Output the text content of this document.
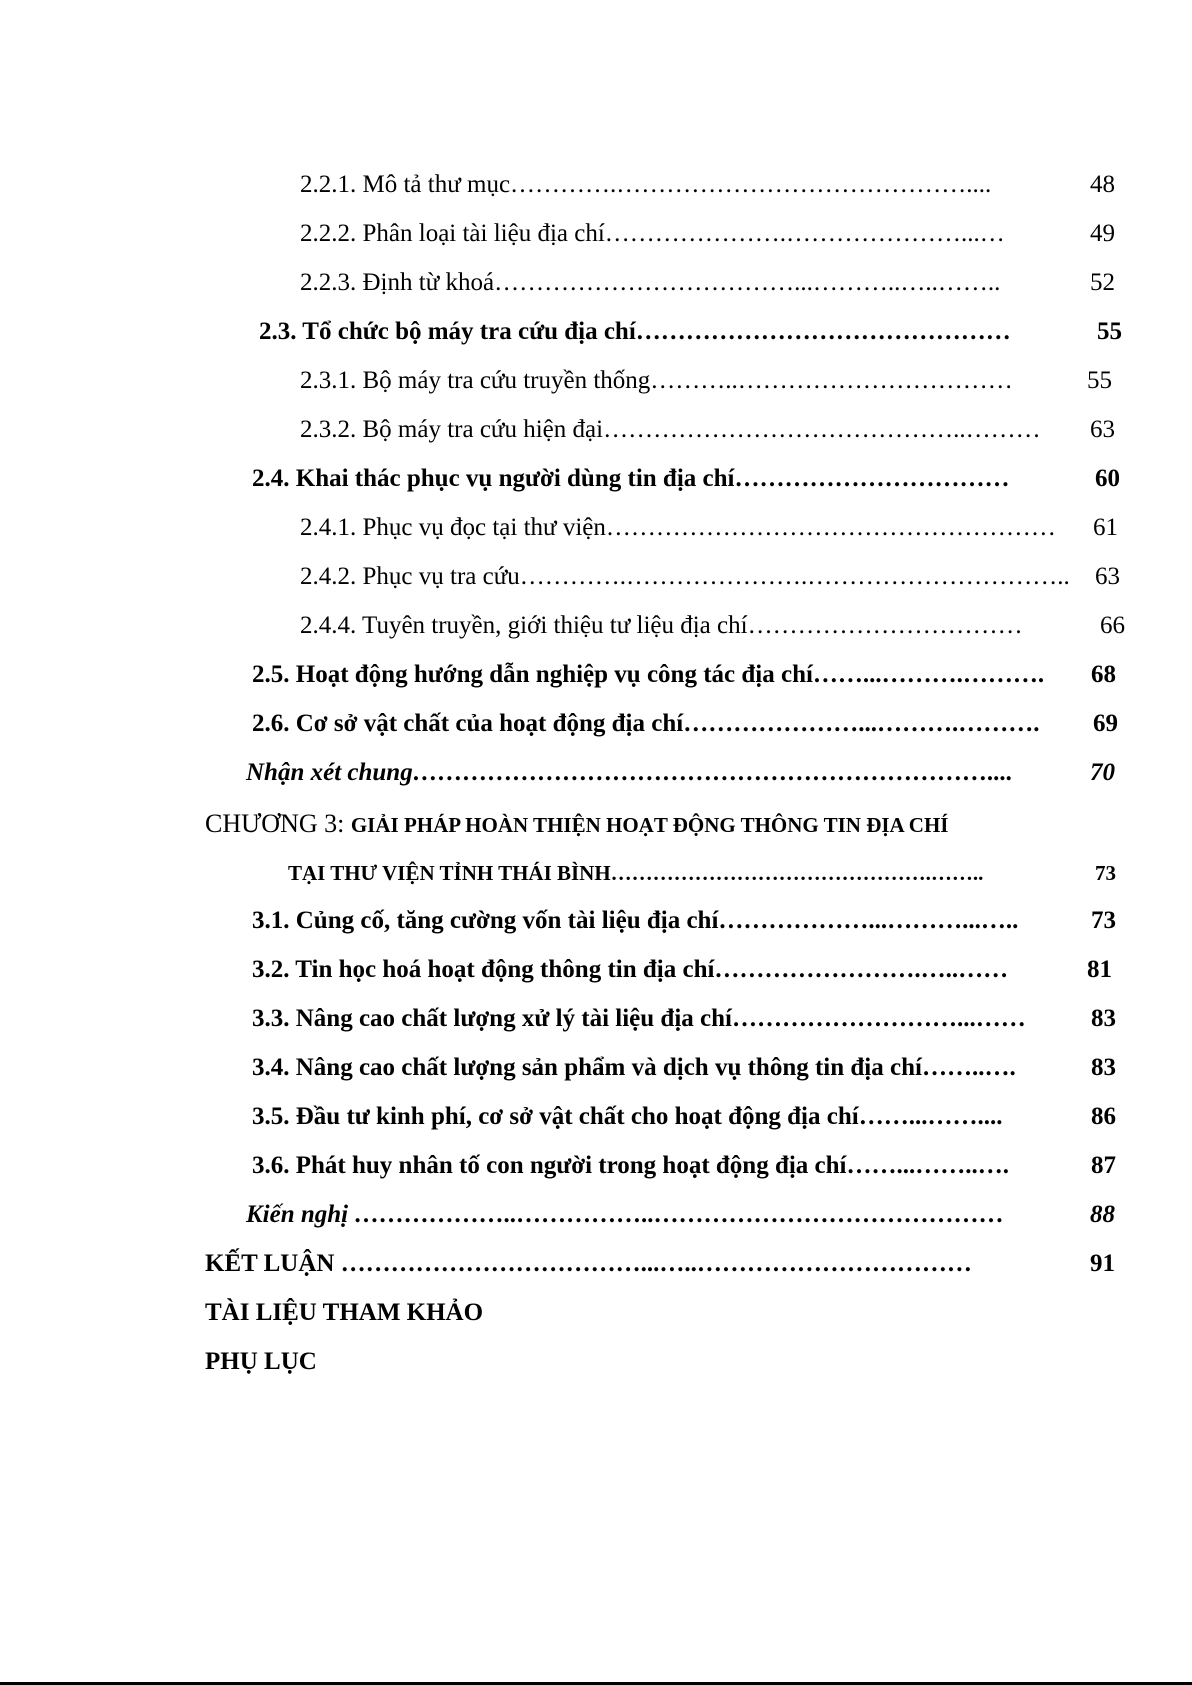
2.2.1. Mô tả thư mục………….……………………………………....	48
2.2.2. Phân loại tài liệu địa chí………………….…………………...…	49
2.2.3. Định từ khoá………………………………...………..…..……..	52
2.3. Tổ chức bộ máy tra cứu địa chí………………………………………	55
2.3.1. Bộ máy tra cứu truyền thống………..……………………………	55
2.3.2. Bộ máy tra cứu hiện đại……………………………………..……… 63
2.4. Khai thác phục vụ người dùng tin địa chí……………………………	60
2.4.1. Phục vụ đọc tại thư viện……………………………………………… 61
2.4.2. Phục vụ tra cứu………….………………….………………………….. 63
2.4.4. Tuyên truyền, giới thiệu tư liệu địa chí……………………………	66
2.5. Hoạt động hướng dẫn nghiệp vụ công tác địa chí……...……….………. 68
2.6. Cơ sở vật chất của hoạt động địa chí…………………...……….………. 69
Nhận xét chung……………………………………………………………....	70
CHƯƠNG 3: GIẢI PHÁP HOÀN THIỆN HOẠT ĐỘNG THÔNG TIN ĐỊA CHÍ
TẠI THƯ VIỆN TỈNH THÁI BÌNH……………………………………….……..	73
3.1. Củng cố, tăng cường vốn tài liệu địa chí………………...………...…..	73
3.2. Tin học hoá hoạt động thông tin địa chí…………………….…..……	81
3.3. Nâng cao chất lượng xử lý tài liệu địa chí………………………...……	83
3.4. Nâng cao chất lượng sản phẩm và dịch vụ thông tin địa chí……..….	83
3.5. Đầu tư kinh phí, cơ sở vật chất cho hoạt động địa chí……...……....	86
3.6. Phát huy nhân tố con người trong hoạt động địa chí……...……..….	87
Kiến nghị ………………..……………..……………………………………	88
KẾT LUẬN ………………………………...…..……………………………	91
TÀI LIỆU THAM KHẢO
PHỤ LỤC
